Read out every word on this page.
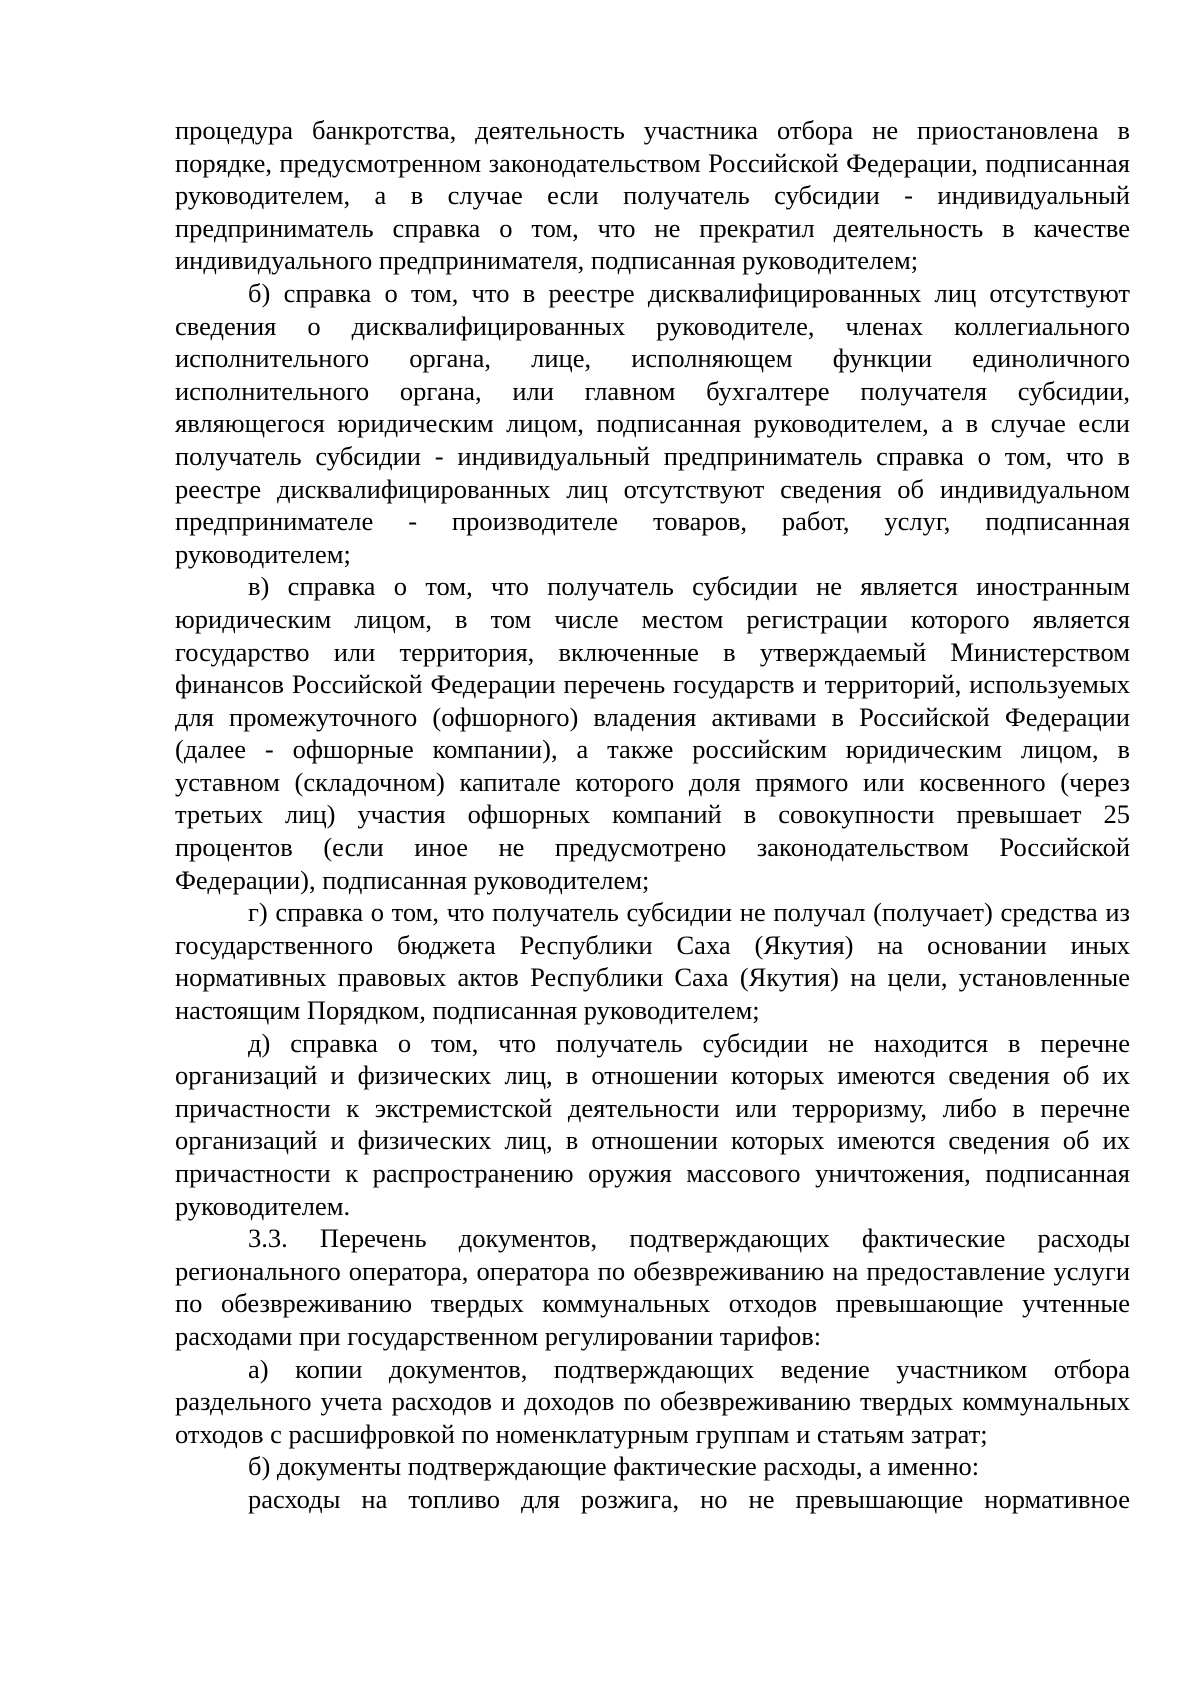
процедура банкротства, деятельность участника отбора не приостановлена в порядке, предусмотренном законодательством Российской Федерации, подписанная руководителем, а в случае если получатель субсидии - индивидуальный предприниматель справка о том, что не прекратил деятельность в качестве индивидуального предпринимателя, подписанная руководителем;

б) справка о том, что в реестре дисквалифицированных лиц отсутствуют сведения о дисквалифицированных руководителе, членах коллегиального исполнительного органа, лице, исполняющем функции единоличного исполнительного органа, или главном бухгалтере получателя субсидии, являющегося юридическим лицом, подписанная руководителем, а в случае если получатель субсидии - индивидуальный предприниматель справка о том, что в реестре дисквалифицированных лиц отсутствуют сведения об индивидуальном предпринимателе - производителе товаров, работ, услуг, подписанная руководителем;

в) справка о том, что получатель субсидии не является иностранным юридическим лицом, в том числе местом регистрации которого является государство или территория, включенные в утверждаемый Министерством финансов Российской Федерации перечень государств и территорий, используемых для промежуточного (офшорного) владения активами в Российской Федерации (далее - офшорные компании), а также российским юридическим лицом, в уставном (складочном) капитале которого доля прямого или косвенного (через третьих лиц) участия офшорных компаний в совокупности превышает 25 процентов (если иное не предусмотрено законодательством Российской Федерации), подписанная руководителем;

г) справка о том, что получатель субсидии не получал (получает) средства из государственного бюджета Республики Саха (Якутия) на основании иных нормативных правовых актов Республики Саха (Якутия) на цели, установленные настоящим Порядком, подписанная руководителем;

д) справка о том, что получатель субсидии не находится в перечне организаций и физических лиц, в отношении которых имеются сведения об их причастности к экстремистской деятельности или терроризму, либо в перечне организаций и физических лиц, в отношении которых имеются сведения об их причастности к распространению оружия массового уничтожения, подписанная руководителем.

3.3. Перечень документов, подтверждающих фактические расходы регионального оператора, оператора по обезвреживанию на предоставление услуги по обезвреживанию твердых коммунальных отходов превышающие учтенные расходами при государственном регулировании тарифов:

а) копии документов, подтверждающих ведение участником отбора раздельного учета расходов и доходов по обезвреживанию твердых коммунальных отходов с расшифровкой по номенклатурным группам и статьям затрат;

б) документы подтверждающие фактические расходы, а именно:

расходы на топливо для розжига, но не превышающие нормативное
